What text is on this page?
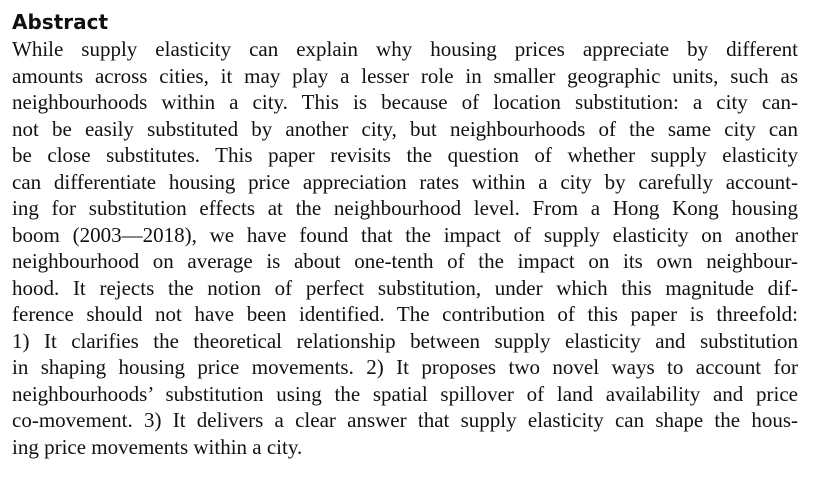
Abstract

While supply elasticity can explain why housing prices appreciate by different
amounts across cities, it may play a lesser role in smaller geographic units, such as
neighbourhoods within a city. This is because of location substitution: a city can-
not be easily substituted by another city, but neighbourhoods of the same city can
be close substitutes. This paper revisits the question of whether supply elasticity
can differentiate housing price appreciation rates within a city by carefully account-
ing for substitution effects at the neighbourhood level. From a Hong Kong housing
boom (2003—2018), we have found that the impact of supply elasticity on another
neighbourhood on average is about one-tenth of the impact on its own neighbour-
hood. It rejects the notion of perfect substitution, under which this magnitude dif-
ference should not have been identified. The contribution of this paper is threefold:
1) It clarifies the theoretical relationship between supply elasticity and substitution
in shaping housing price movements. 2) It proposes two novel ways to account for
neighbourhoods’ substitution using the spatial spillover of land availability and price
co-movement. 3) It delivers a clear answer that supply elasticity can shape the hous-
ing price movements within a city.
